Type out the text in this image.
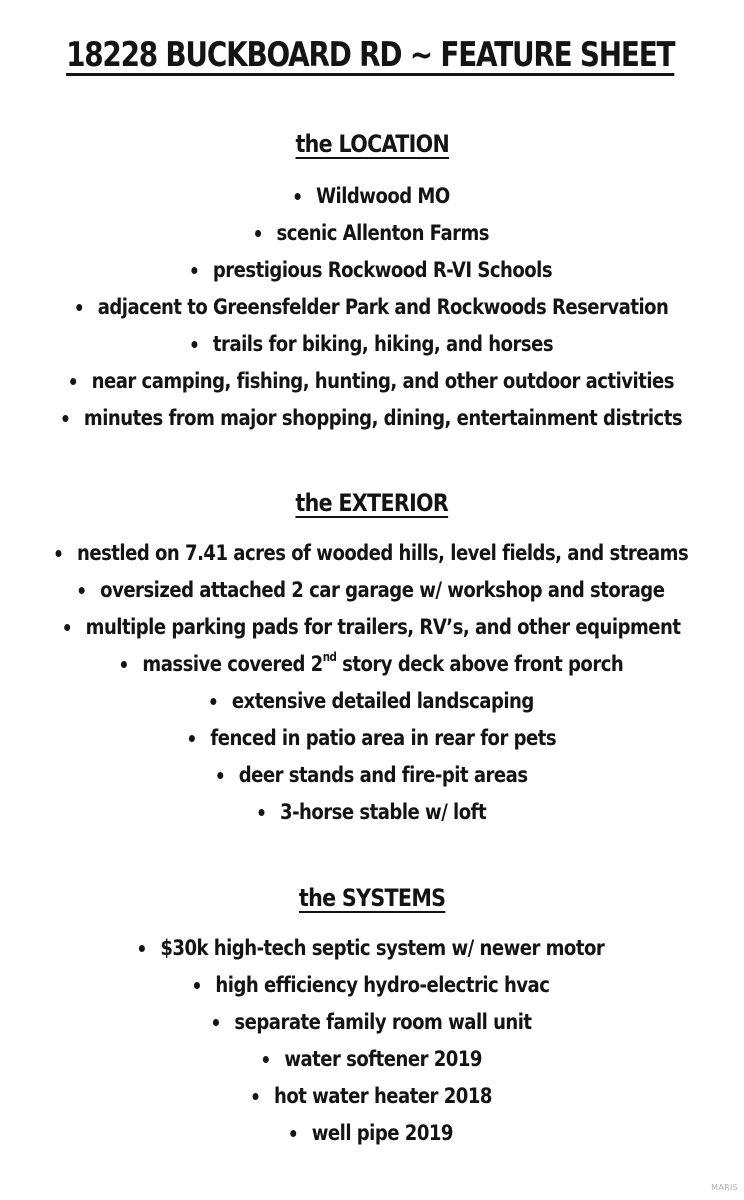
18228 BUCKBOARD RD ~ FEATURE SHEET
the LOCATION
Wildwood MO
scenic Allenton Farms
prestigious Rockwood R-VI Schools
adjacent to Greensfelder Park and Rockwoods Reservation
trails for biking, hiking, and horses
near camping, fishing, hunting, and other outdoor activities
minutes from major shopping, dining, entertainment districts
the EXTERIOR
nestled on 7.41 acres of wooded hills, level fields, and streams
oversized attached 2 car garage w/ workshop and storage
multiple parking pads for trailers, RV’s, and other equipment
massive covered 2nd story deck above front porch
extensive detailed landscaping
fenced in patio area in rear for pets
deer stands and fire-pit areas
3-horse stable w/ loft
the SYSTEMS
$30k high-tech septic system w/ newer motor
high efficiency hydro-electric hvac
separate family room wall unit
water softener 2019
hot water heater 2018
well pipe 2019
MARIS
